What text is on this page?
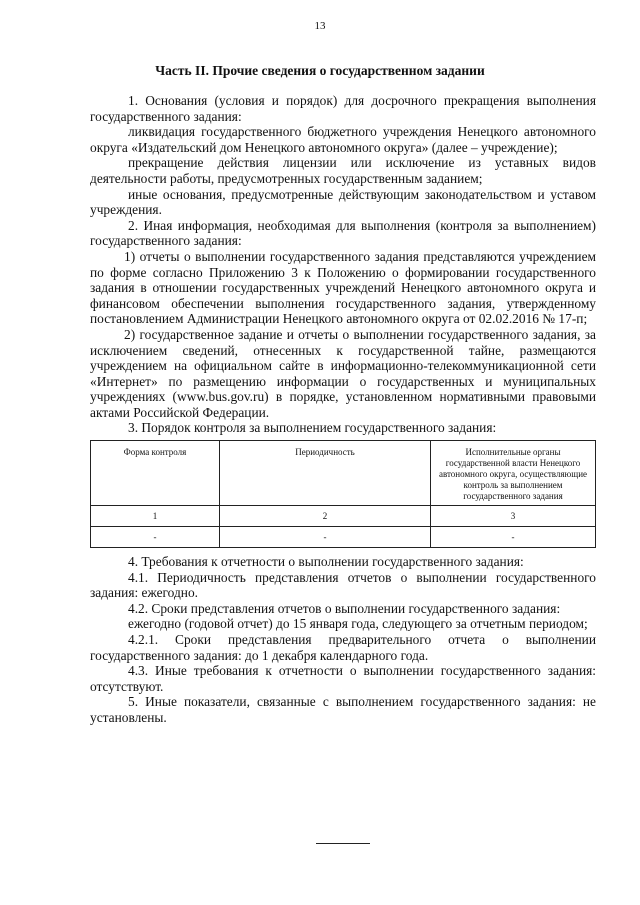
13
Часть II. Прочие сведения о государственном задании

1. Основания (условия и порядок) для досрочного прекращения выполнения государственного задания:

ликвидация государственного бюджетного учреждения Ненецкого автономного округа «Издательский дом Ненецкого автономного округа» (далее – учреждение);

прекращение действия лицензии или исключение из уставных видов деятельности работы, предусмотренных государственным заданием;

иные основания, предусмотренные действующим законодательством и уставом учреждения.

2. Иная информация, необходимая для выполнения (контроля за выполнением) государственного задания:

1) отчеты о выполнении государственного задания представляются учреждением по форме согласно Приложению 3 к Положению о формировании государственного задания в отношении государственных учреждений Ненецкого автономного округа и финансовом обеспечении выполнения государственного задания, утвержденному постановлением Администрации Ненецкого автономного округа от 02.02.2016 № 17-п;

2) государственное задание и отчеты о выполнении государственного задания, за исключением сведений, отнесенных к государственной тайне, размещаются учреждением на официальном сайте в информационно-телекоммуникационной сети «Интернет» по размещению информации о государственных и муниципальных учреждениях (www.bus.gov.ru) в порядке, установленном нормативными правовыми актами Российской Федерации.

3. Порядок контроля за выполнением государственного задания:

Форма контроля	Периодичность	Исполнительные органы государственной власти Ненецкого автономного округа, осуществляющие контроль за выполнением государственного задания
1	2	3
-	-	-

4. Требования к отчетности о выполнении государственного задания:

4.1. Периодичность представления отчетов о выполнении государственного задания: ежегодно.

4.2. Сроки представления отчетов о выполнении государственного задания:

ежегодно (годовой отчет) до 15 января года, следующего за отчетным периодом;

4.2.1. Сроки представления предварительного отчета о выполнении государственного задания: до 1 декабря календарного года.

4.3. Иные требования к отчетности о выполнении государственного задания: отсутствуют.

5. Иные показатели, связанные с выполнением государственного задания: не установлены.
